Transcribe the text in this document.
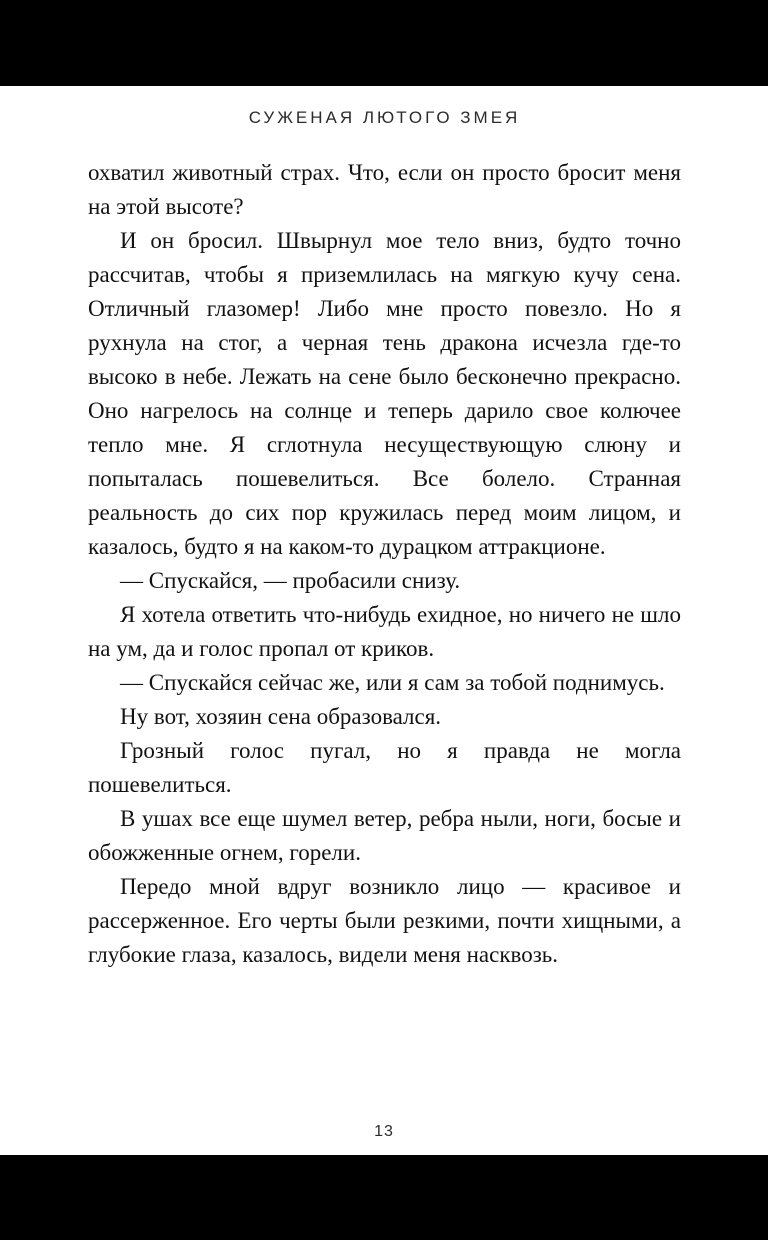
СУЖЕНАЯ ЛЮТОГО ЗМЕЯ

охватил животный страх. Что, если он просто бросит меня на этой высоте?

И он бросил. Швырнул мое тело вниз, будто точно рассчитав, чтобы я приземлилась на мягкую кучу сена. Отличный глазомер! Либо мне просто повезло. Но я рухнула на стог, а черная тень дракона исчезла где-то высоко в небе. Лежать на сене было бесконечно прекрасно. Оно нагрелось на солнце и теперь дарило свое колючее тепло мне. Я сглотнула несуществующую слюну и попыталась пошевелиться. Все болело. Странная реальность до сих пор кружилась перед моим лицом, и казалось, будто я на каком-то дурацком аттракционе.

— Спускайся, — пробасили снизу.

Я хотела ответить что-нибудь ехидное, но ничего не шло на ум, да и голос пропал от криков.

— Спускайся сейчас же, или я сам за тобой поднимусь.

Ну вот, хозяин сена образовался.

Грозный голос пугал, но я правда не могла пошевелиться.

В ушах все еще шумел ветер, ребра ныли, ноги, босые и обожженные огнем, горели.

Передо мной вдруг возникло лицо — красивое и рассерженное. Его черты были резкими, почти хищными, а глубокие глаза, казалось, видели меня насквозь.

13
